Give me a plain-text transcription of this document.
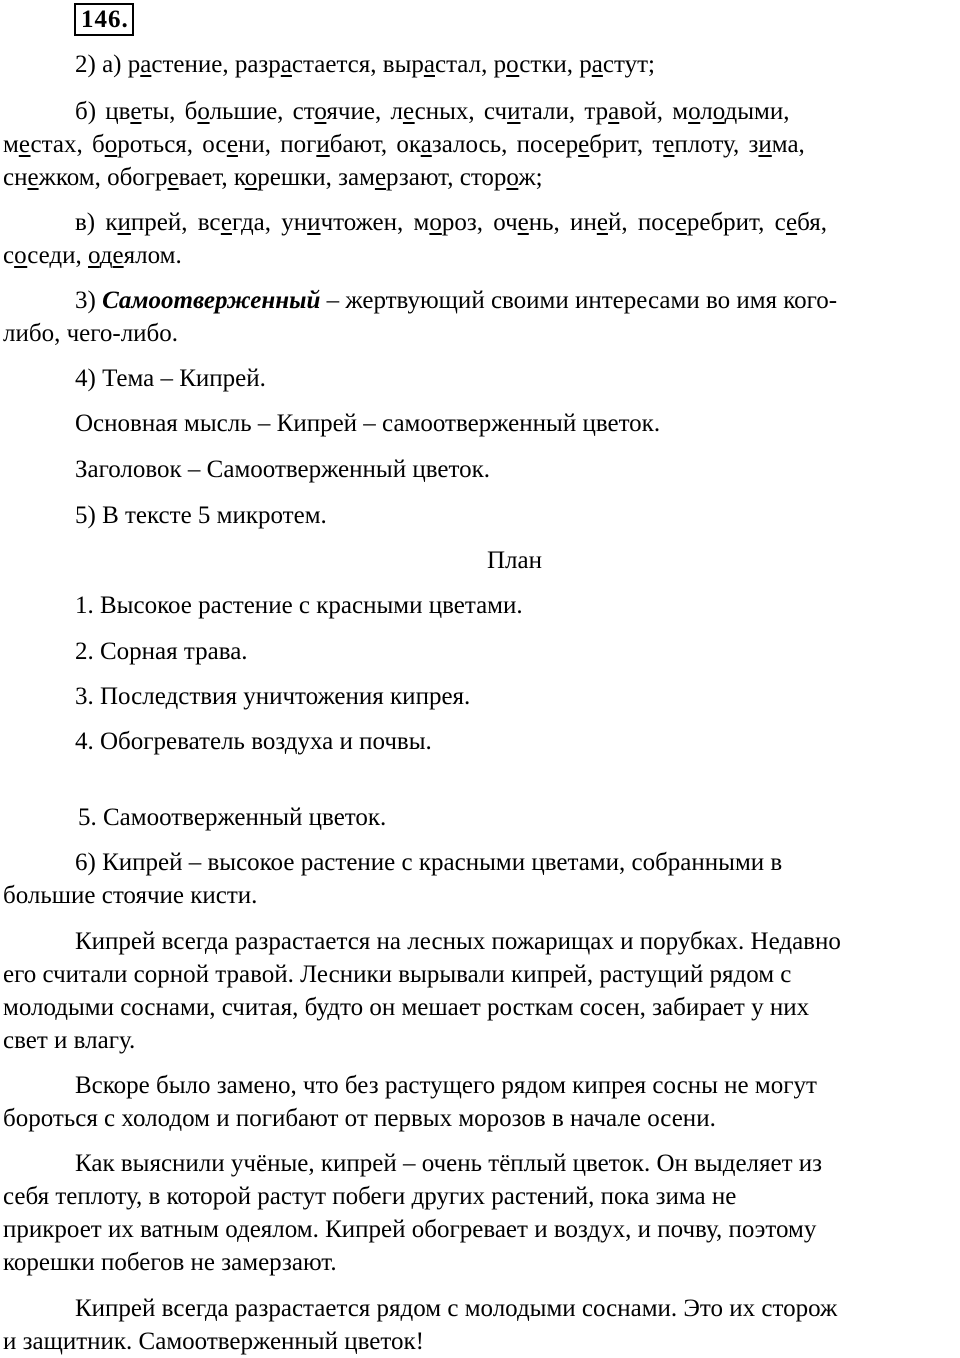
146.
2) а) растение, разрастается, вырастал, ростки, растут;
б) цветы, большие, стоячие, лесных, считали, травой, молодыми,
местах, бороться, осени, погибают, оказалось, посеребрит, теплоту, зима,
снежком, обогревает, корешки, замерзают, сторож;
в) кипрей, всегда, уничтожен, мороз, очень, иней, посеребрит, себя,
соседи, одеялом.
3) Самоотверженный – жертвующий своими интересами во имя кого-
либо, чего-либо.
4) Тема – Кипрей.
Основная мысль – Кипрей – самоотверженный цветок.
Заголовок – Самоотверженный цветок.
5) В тексте 5 микротем.
План
1. Высокое растение с красными цветами.
2. Сорная трава.
3. Последствия уничтожения кипрея.
4. Обогреватель воздуха и почвы.
5. Самоотверженный цветок.
6) Кипрей – высокое растение с красными цветами, собранными в
большие стоячие кисти.
Кипрей всегда разрастается на лесных пожарищах и порубках. Недавно
его считали сорной травой. Лесники вырывали кипрей, растущий рядом с
молодыми соснами, считая, будто он мешает росткам сосен, забирает у них
свет и влагу.
Вскоре было замено, что без растущего рядом кипрея сосны не могут
бороться с холодом и погибают от первых морозов в начале осени.
Как выяснили учёные, кипрей – очень тёплый цветок. Он выделяет из
себя теплоту, в которой растут побеги других растений, пока зима не
прикроет их ватным одеялом. Кипрей обогревает и воздух, и почву, поэтому
корешки побегов не замерзают.
Кипрей всегда разрастается рядом с молодыми соснами. Это их сторож
и защитник. Самоотверженный цветок!
